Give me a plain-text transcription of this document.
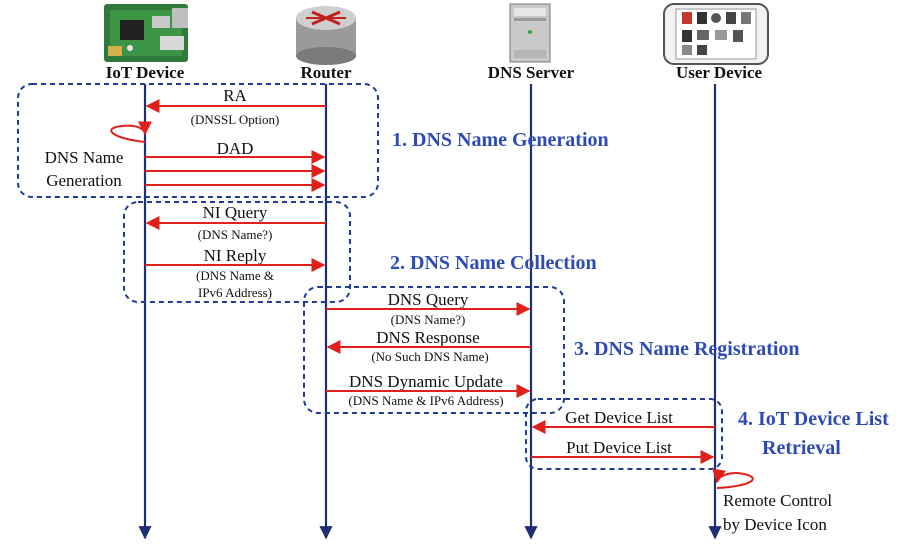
IoT Device	Router	DNS Server	User Device
1. DNS Name Generation
2. DNS Name Collection
3. DNS Name Registration
4. IoT Device List
Retrieval
RA
(DNSSL Option)
DNS Name
Generation
DAD
NI Query
(DNS Name?)
NI Reply
(DNS Name &
IPv6 Address)	DNS Query
(DNS Name?)
DNS Response
(No Such DNS Name)
DNS Dynamic Update
(DNS Name & IPv6 Address)
Get Device List
Put Device List
Remote Control
by Device Icon
